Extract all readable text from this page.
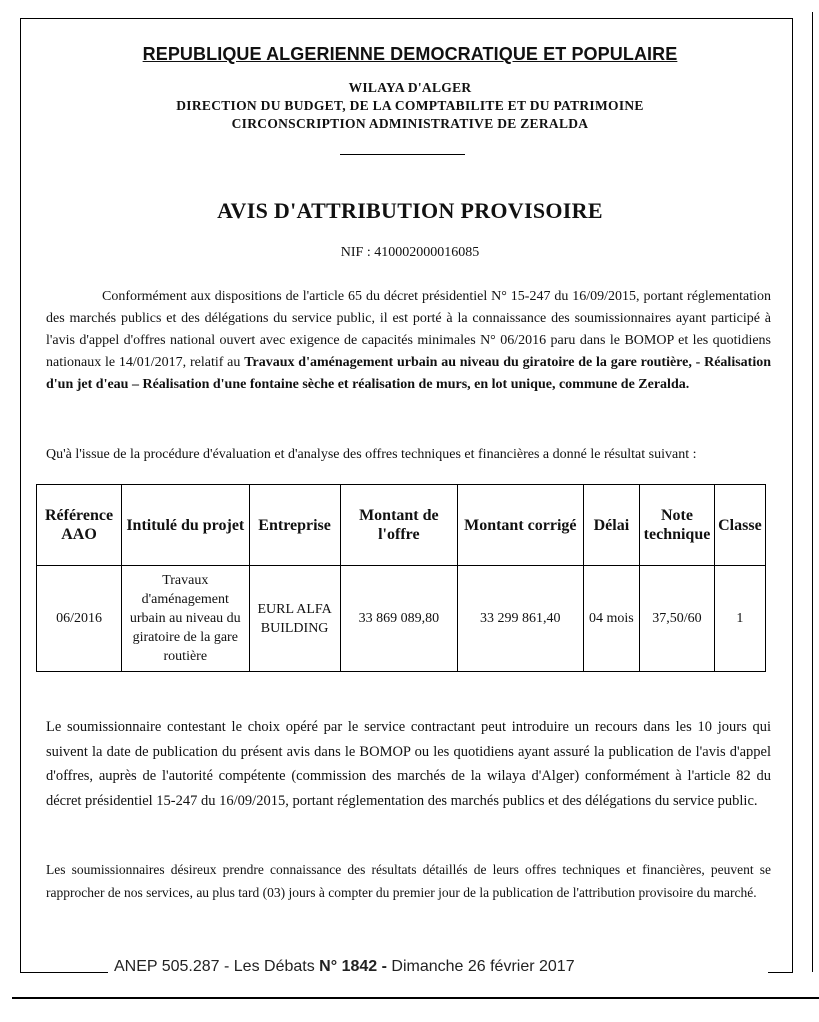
REPUBLIQUE ALGERIENNE DEMOCRATIQUE ET POPULAIRE
WILAYA D'ALGER
DIRECTION DU BUDGET, DE LA COMPTABILITE ET DU PATRIMOINE
CIRCONSCRIPTION ADMINISTRATIVE DE ZERALDA
AVIS D'ATTRIBUTION PROVISOIRE
NIF : 410002000016085
Conformément aux dispositions de l'article 65 du décret présidentiel N° 15-247 du 16/09/2015, portant réglementation des marchés publics et des délégations du service public, il est porté à la connaissance des soumissionnaires ayant participé à l'avis d'appel d'offres national ouvert avec exigence de capacités minimales N° 06/2016 paru dans le BOMOP et les quotidiens nationaux le 14/01/2017, relatif au Travaux d'aménagement urbain au niveau du giratoire de la gare routière, - Réalisation d'un jet d'eau – Réalisation d'une fontaine sèche et réalisation de murs, en lot unique, commune de Zeralda.
Qu'à l'issue de la procédure d'évaluation et d'analyse des offres techniques et financières a donné le résultat suivant :
Référence AAO	Intitulé du projet	Entreprise	Montant de l'offre	Montant corrigé	Délai	Note technique	Classe
06/2016	Travaux d'aménagement urbain au niveau du giratoire de la gare routière	EURL ALFA BUILDING	33 869 089,80	33 299 861,40	04 mois	37,50/60	1
Le soumissionnaire contestant le choix opéré par le service contractant peut introduire un recours dans les 10 jours qui suivent la date de publication du présent avis dans le BOMOP ou les quotidiens ayant assuré la publication de l'avis d'appel d'offres, auprès de l'autorité compétente (commission des marchés de la wilaya d'Alger) conformément à l'article 82 du décret présidentiel 15-247 du 16/09/2015, portant réglementation des marchés publics et des délégations du service public.
Les soumissionnaires désireux prendre connaissance des résultats détaillés de leurs offres techniques et financières, peuvent se rapprocher de nos services, au plus tard (03) jours à compter du premier jour de la publication de l'attribution provisoire du marché.
ANEP 505.287 - Les Débats N° 1842 - Dimanche 26 février 2017
